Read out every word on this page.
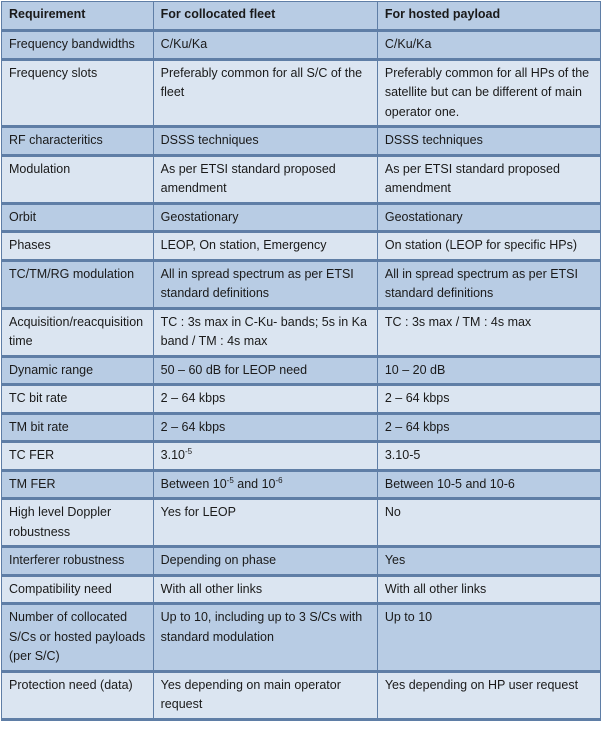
Requirement	For collocated fleet	For hosted payload
Frequency bandwidths	C/Ku/Ka	C/Ku/Ka
Frequency slots	Preferably common for all S/C of the fleet	Preferably common for all HPs of the satellite but can be different of main operator one.
RF characteritics	DSSS techniques	DSSS techniques
Modulation	As per ETSI standard proposed amendment	As per ETSI standard proposed amendment
Orbit	Geostationary	Geostationary
Phases	LEOP, On station, Emergency	On station (LEOP for specific HPs)
TC/TM/RG modulation	All in spread spectrum as per ETSI standard definitions	All in spread spectrum as per ETSI standard definitions
Acquisition/reacquisition time	TC : 3s max in C-Ku- bands; 5s in Ka band / TM : 4s max	TC : 3s max / TM : 4s max
Dynamic range	50 – 60 dB for LEOP need	10 – 20 dB
TC bit rate	2 – 64 kbps	2 – 64 kbps
TM bit rate	2 – 64 kbps	2 – 64 kbps
TC FER	$3.10^{-5}$	3.10-5
TM FER	Between $10^{-5}$ and $10^{-6}$	Between 10-5 and 10-6
High level Doppler robustness	Yes for LEOP	No
Interferer robustness	Depending on phase	Yes
Compatibility need	With all other links	With all other links
Number of collocated S/Cs or hosted payloads (per S/C)	Up to 10, including up to 3 S/Cs with standard modulation	Up to 10
Protection need (data)	Yes depending on main operator request	Yes depending on HP user request
